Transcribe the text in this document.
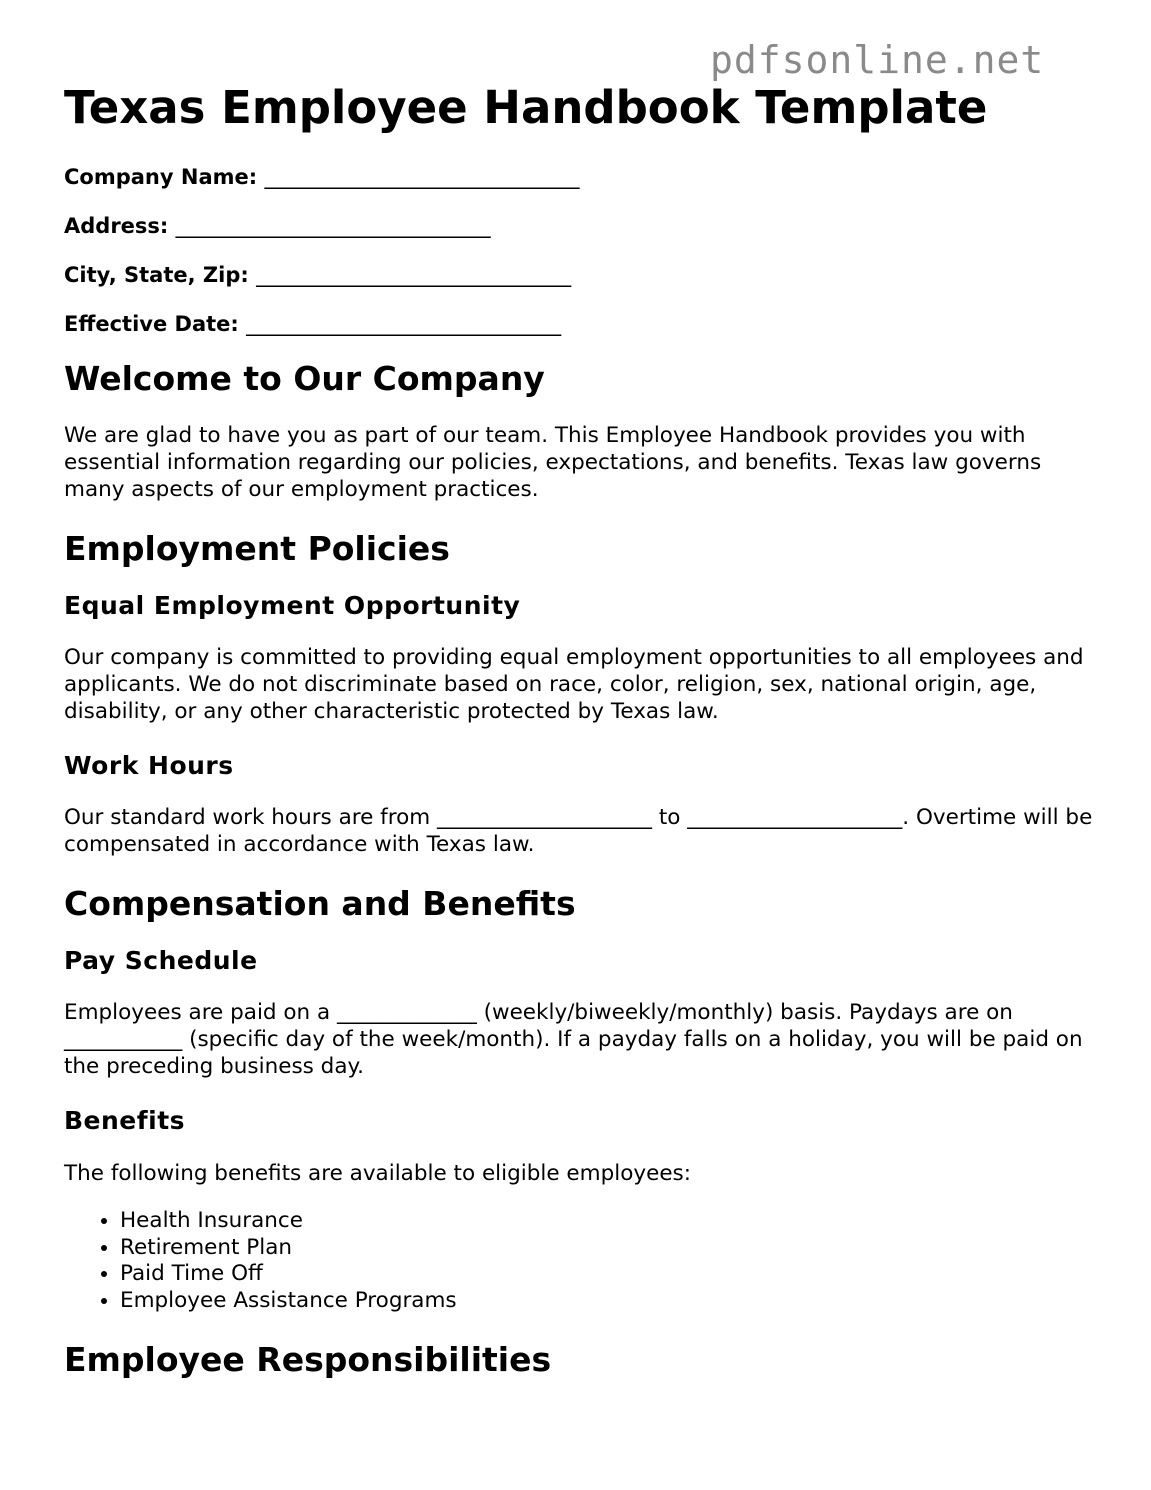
pdfsonline.net
Texas Employee Handbook Template
Company Name: ______________________________
Address: ______________________________
City, State, Zip: ______________________________
Effective Date: ______________________________
Welcome to Our Company

We are glad to have you as part of our team. This Employee Handbook provides you with essential information regarding our policies, expectations, and benefits. Texas law governs many aspects of our employment practices.

Employment Policies
Equal Employment Opportunity

Our company is committed to providing equal employment opportunities to all employees and applicants. We do not discriminate based on race, color, religion, sex, national origin, age, disability, or any other characteristic protected by Texas law.

Work Hours

Our standard work hours are from ____________________ to ____________________. Overtime will be compensated in accordance with Texas law.

Compensation and Benefits
Pay Schedule

Employees are paid on a _____________ (weekly/biweekly/monthly) basis. Paydays are on ___________ (specific day of the week/month). If a payday falls on a holiday, you will be paid on the preceding business day.

Benefits

The following benefits are available to eligible employees:

• Health Insurance
• Retirement Plan
• Paid Time Off
• Employee Assistance Programs
Employee Responsibilities
